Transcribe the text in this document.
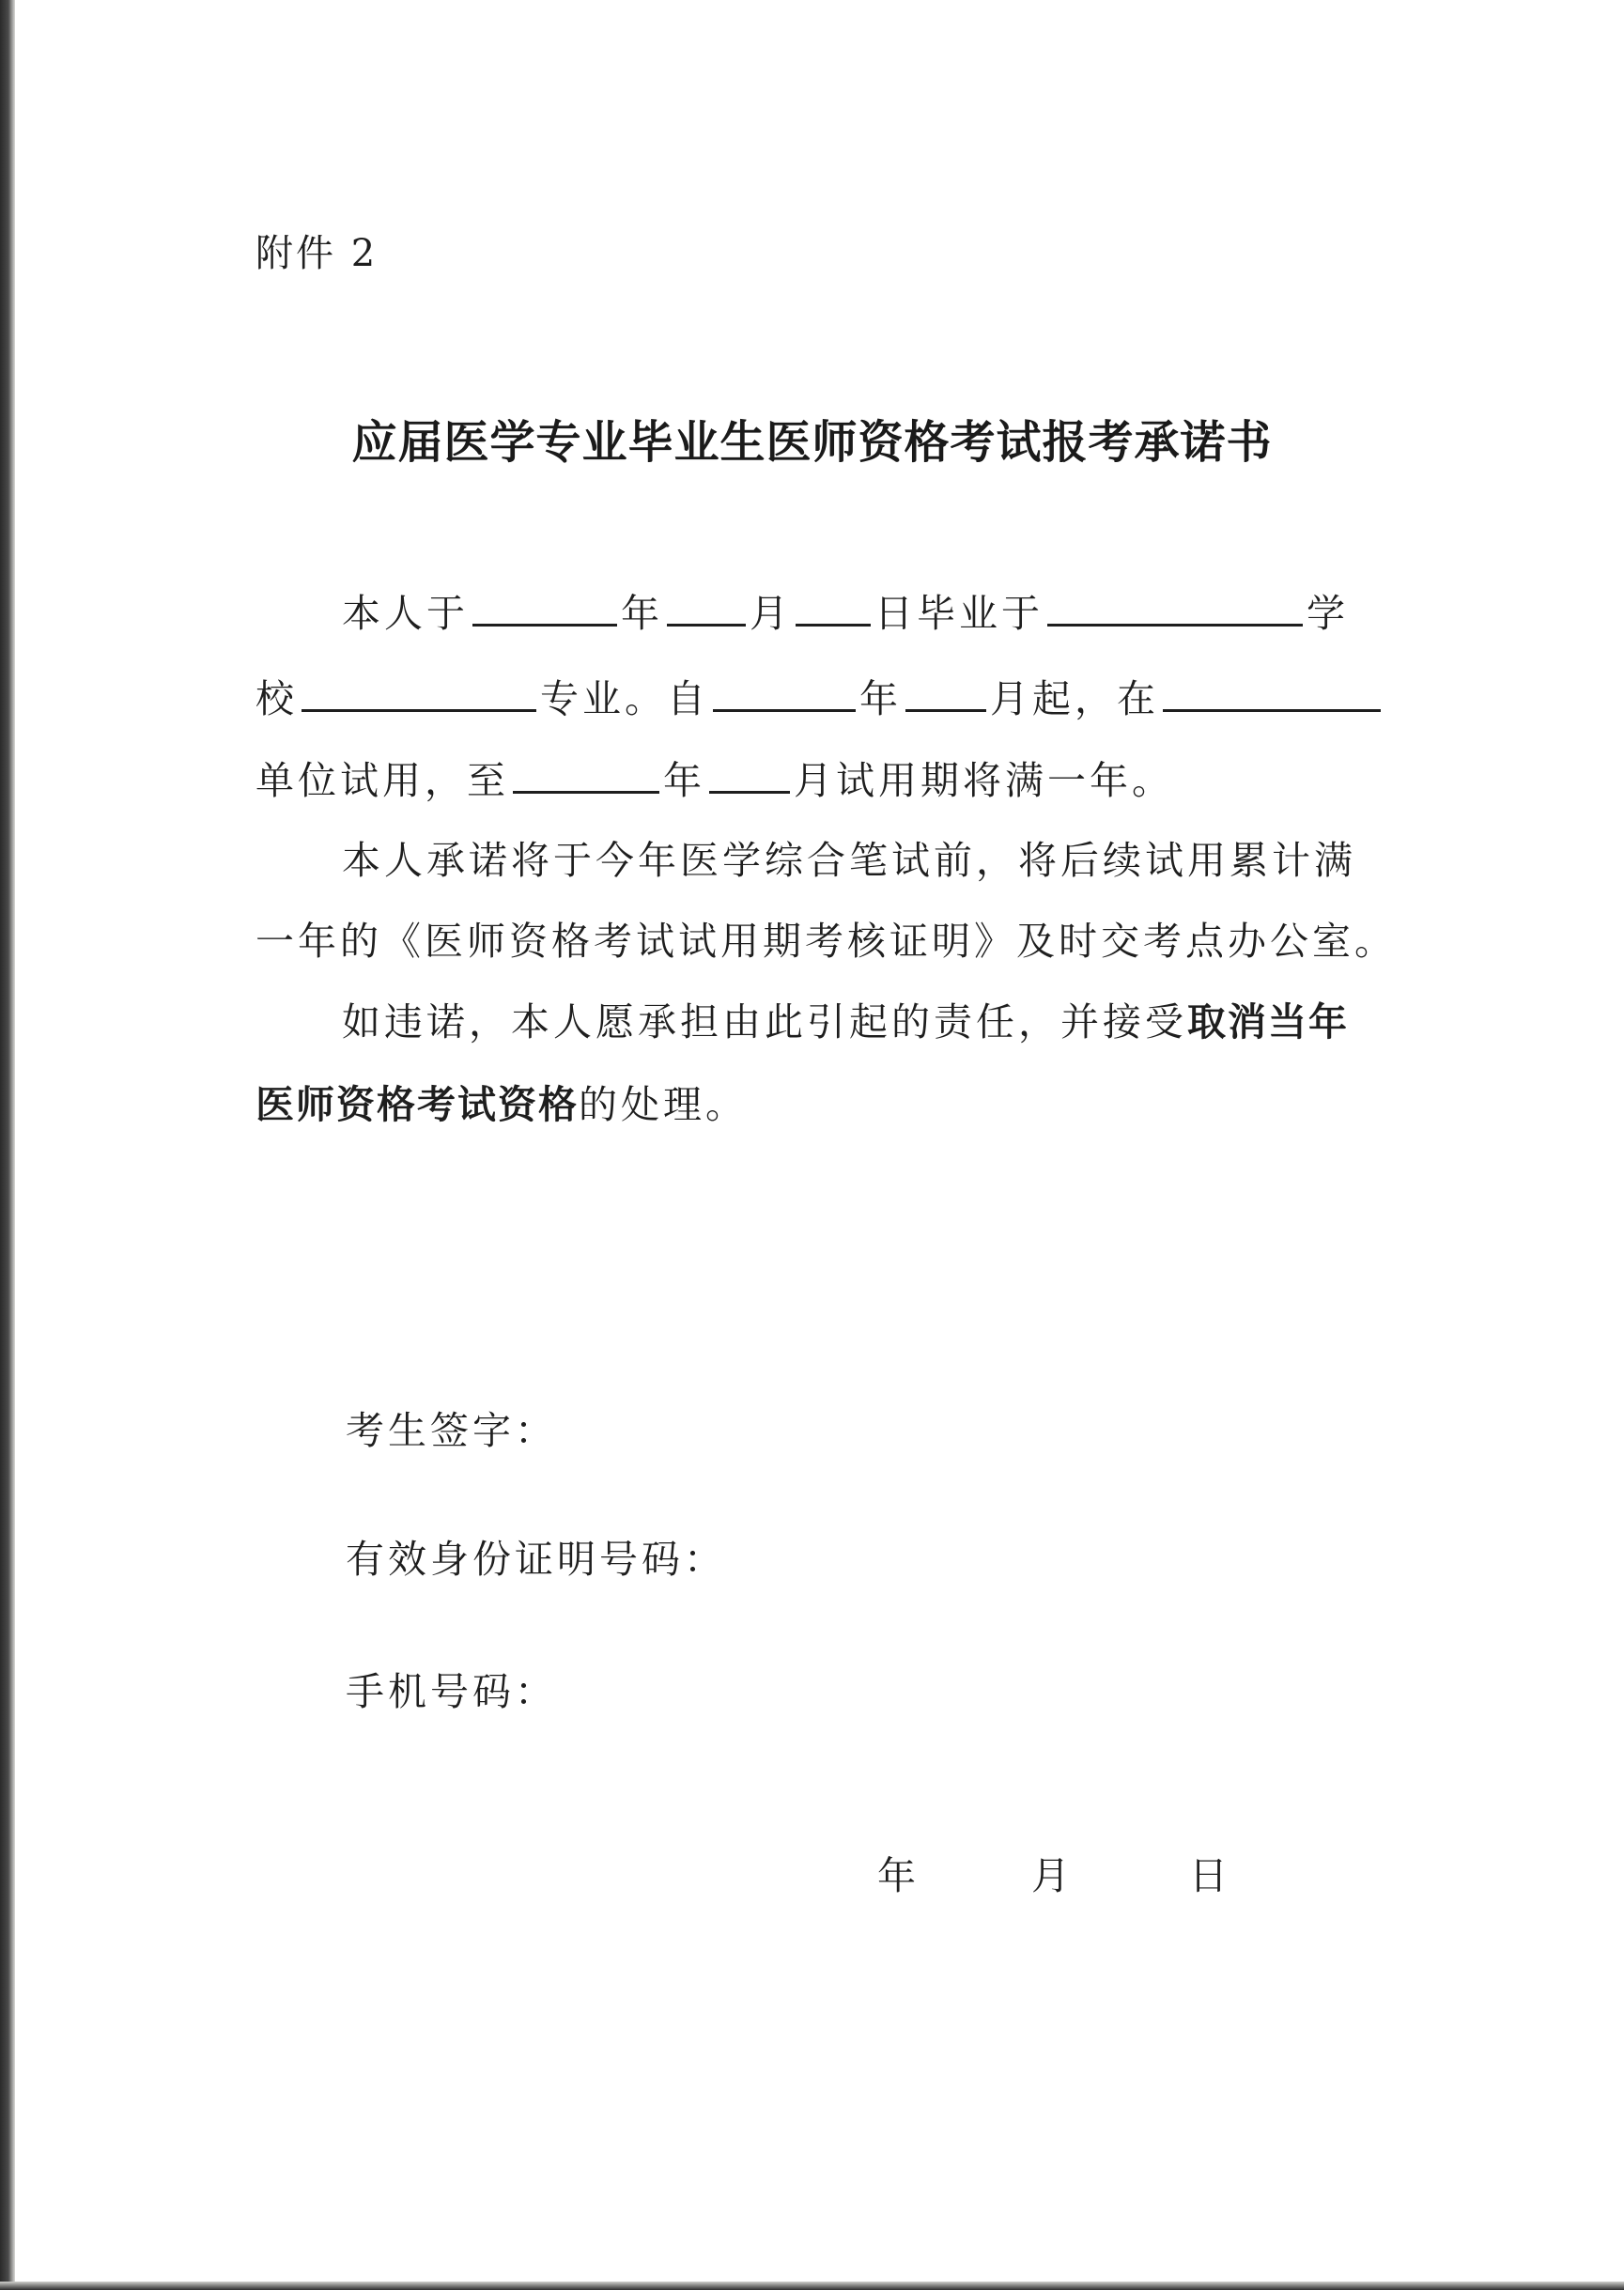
附件 2
应届医学专业毕业生医师资格考试报考承诺书
本人于	年 月 日毕业于	学
校	专业。自	年 月起，在
单位试用，至	年 月试用期将满一年。
本人承诺将于今年医学综合笔试前，将后续试用累计满
一年的《医师资格考试试用期考核证明》及时交考点办公室。
如违诺，本人愿承担由此引起的责任，并接受 取消当年
医师资格考试资格 的处理。
考生签字：
有效身份证明号码：
手机号码：
年	月	日
